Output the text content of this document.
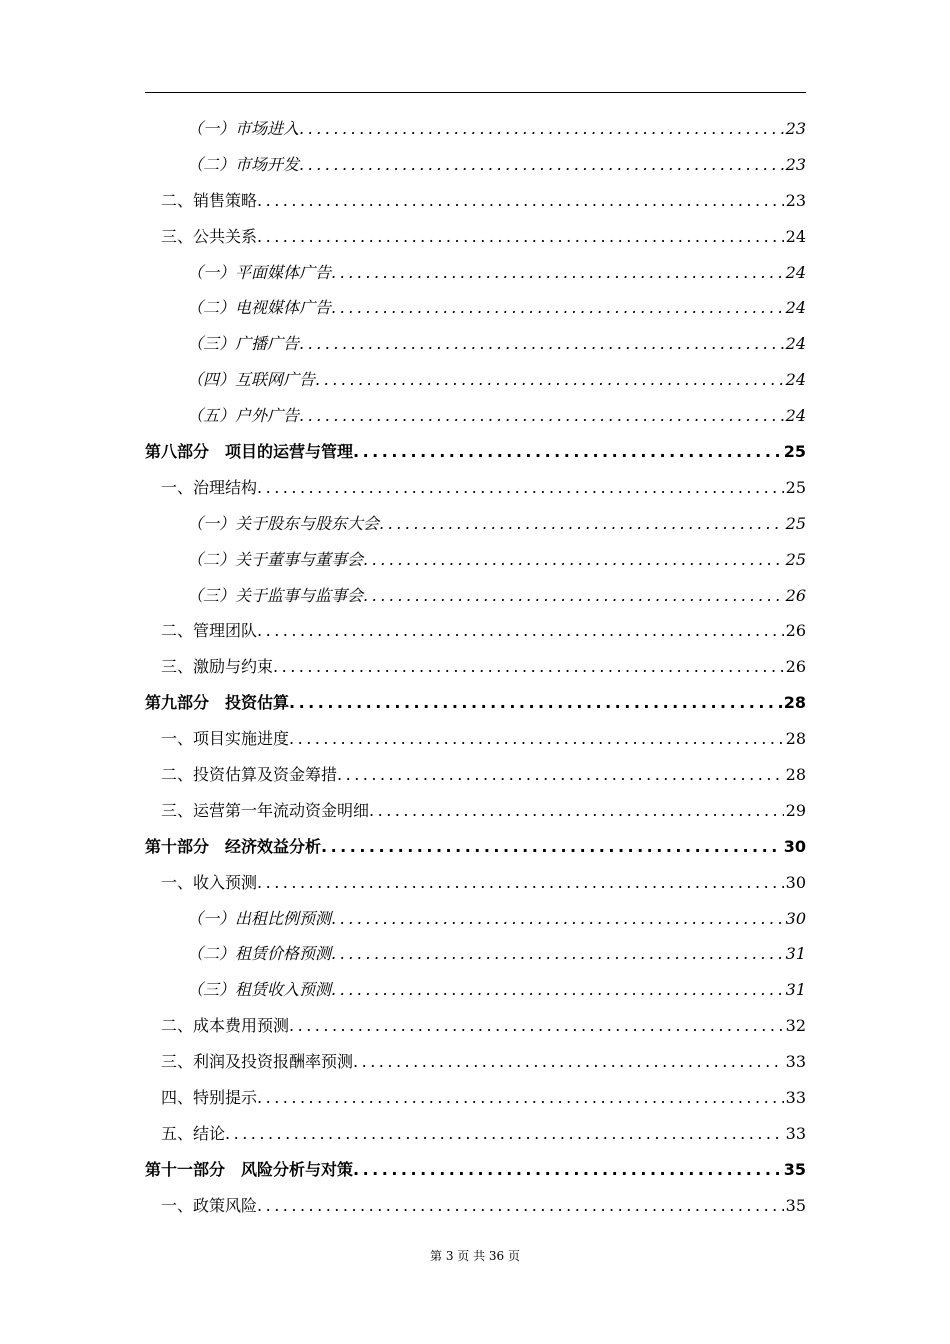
（一）市场进入 .....	23
（二）市场开发 .....	23
二、销售策略 .....	23
三、公共关系 .....	24
（一）平面媒体广告 .....	24
（二）电视媒体广告 .....	24
（三）广播广告 .....	24
（四）互联网广告 .....	24
（五）户外广告 .....	24
第八部分　项目的运营与管理 .....	25
一、治理结构 .....	25
（一）关于股东与股东大会 .....	25
（二）关于董事与董事会 .....	25
（三）关于监事与监事会 .....	26
二、管理团队 .....	26
三、激励与约束 .....	26
第九部分　投资估算 .....	28
一、项目实施进度 .....	28
二、投资估算及资金筹措 .....	28
三、运营第一年流动资金明细 .....	29
第十部分　经济效益分析 .....	30
一、收入预测 .....	30
（一）出租比例预测 .....	30
（二）租赁价格预测 .....	31
（三）租赁收入预测 .....	31
二、成本费用预测 .....	32
三、利润及投资报酬率预测 .....	33
四、特别提示 .....	33
五、结论 .....	33
第十一部分　风险分析与对策 .....	35
一、政策风险 .....	35
第 3 页 共 36 页
